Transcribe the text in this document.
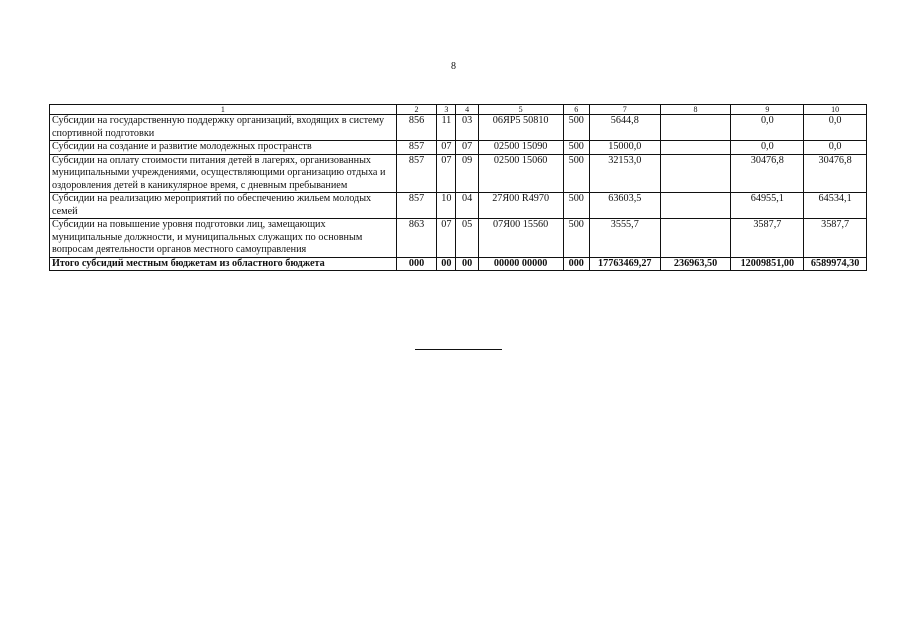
8
1	2	3	4	5	6	7	8	9	10
Субсидии на государственную поддержку организаций, входящих в систему спортивной подготовки	856	11	03	06ЯР5 50810	500	5644,8		0,0	0,0
Субсидии на создание и развитие молодежных пространств	857	07	07	02500 15090	500	15000,0		0,0	0,0
Субсидии на оплату стоимости питания детей в лагерях, организованных муниципальными учреждениями, осуществляющими организацию отдыха и оздоровления детей в каникулярное время, с дневным пребыванием	857	07	09	02500 15060	500	32153,0		30476,8	30476,8
Субсидии на реализацию мероприятий по обеспечению жильем молодых семей	857	10	04	27Я00 R4970	500	63603,5		64955,1	64534,1
Субсидии на повышение уровня подготовки лиц, замещающих муниципальные должности, и муниципальных служащих по основным вопросам деятельности органов местного самоуправления	863	07	05	07Я00 15560	500	3555,7		3587,7	3587,7
Итого субсидий местным бюджетам из областного бюджета	000	00	00	00000 00000	000	17763469,27	236963,50	12009851,00	6589974,30
